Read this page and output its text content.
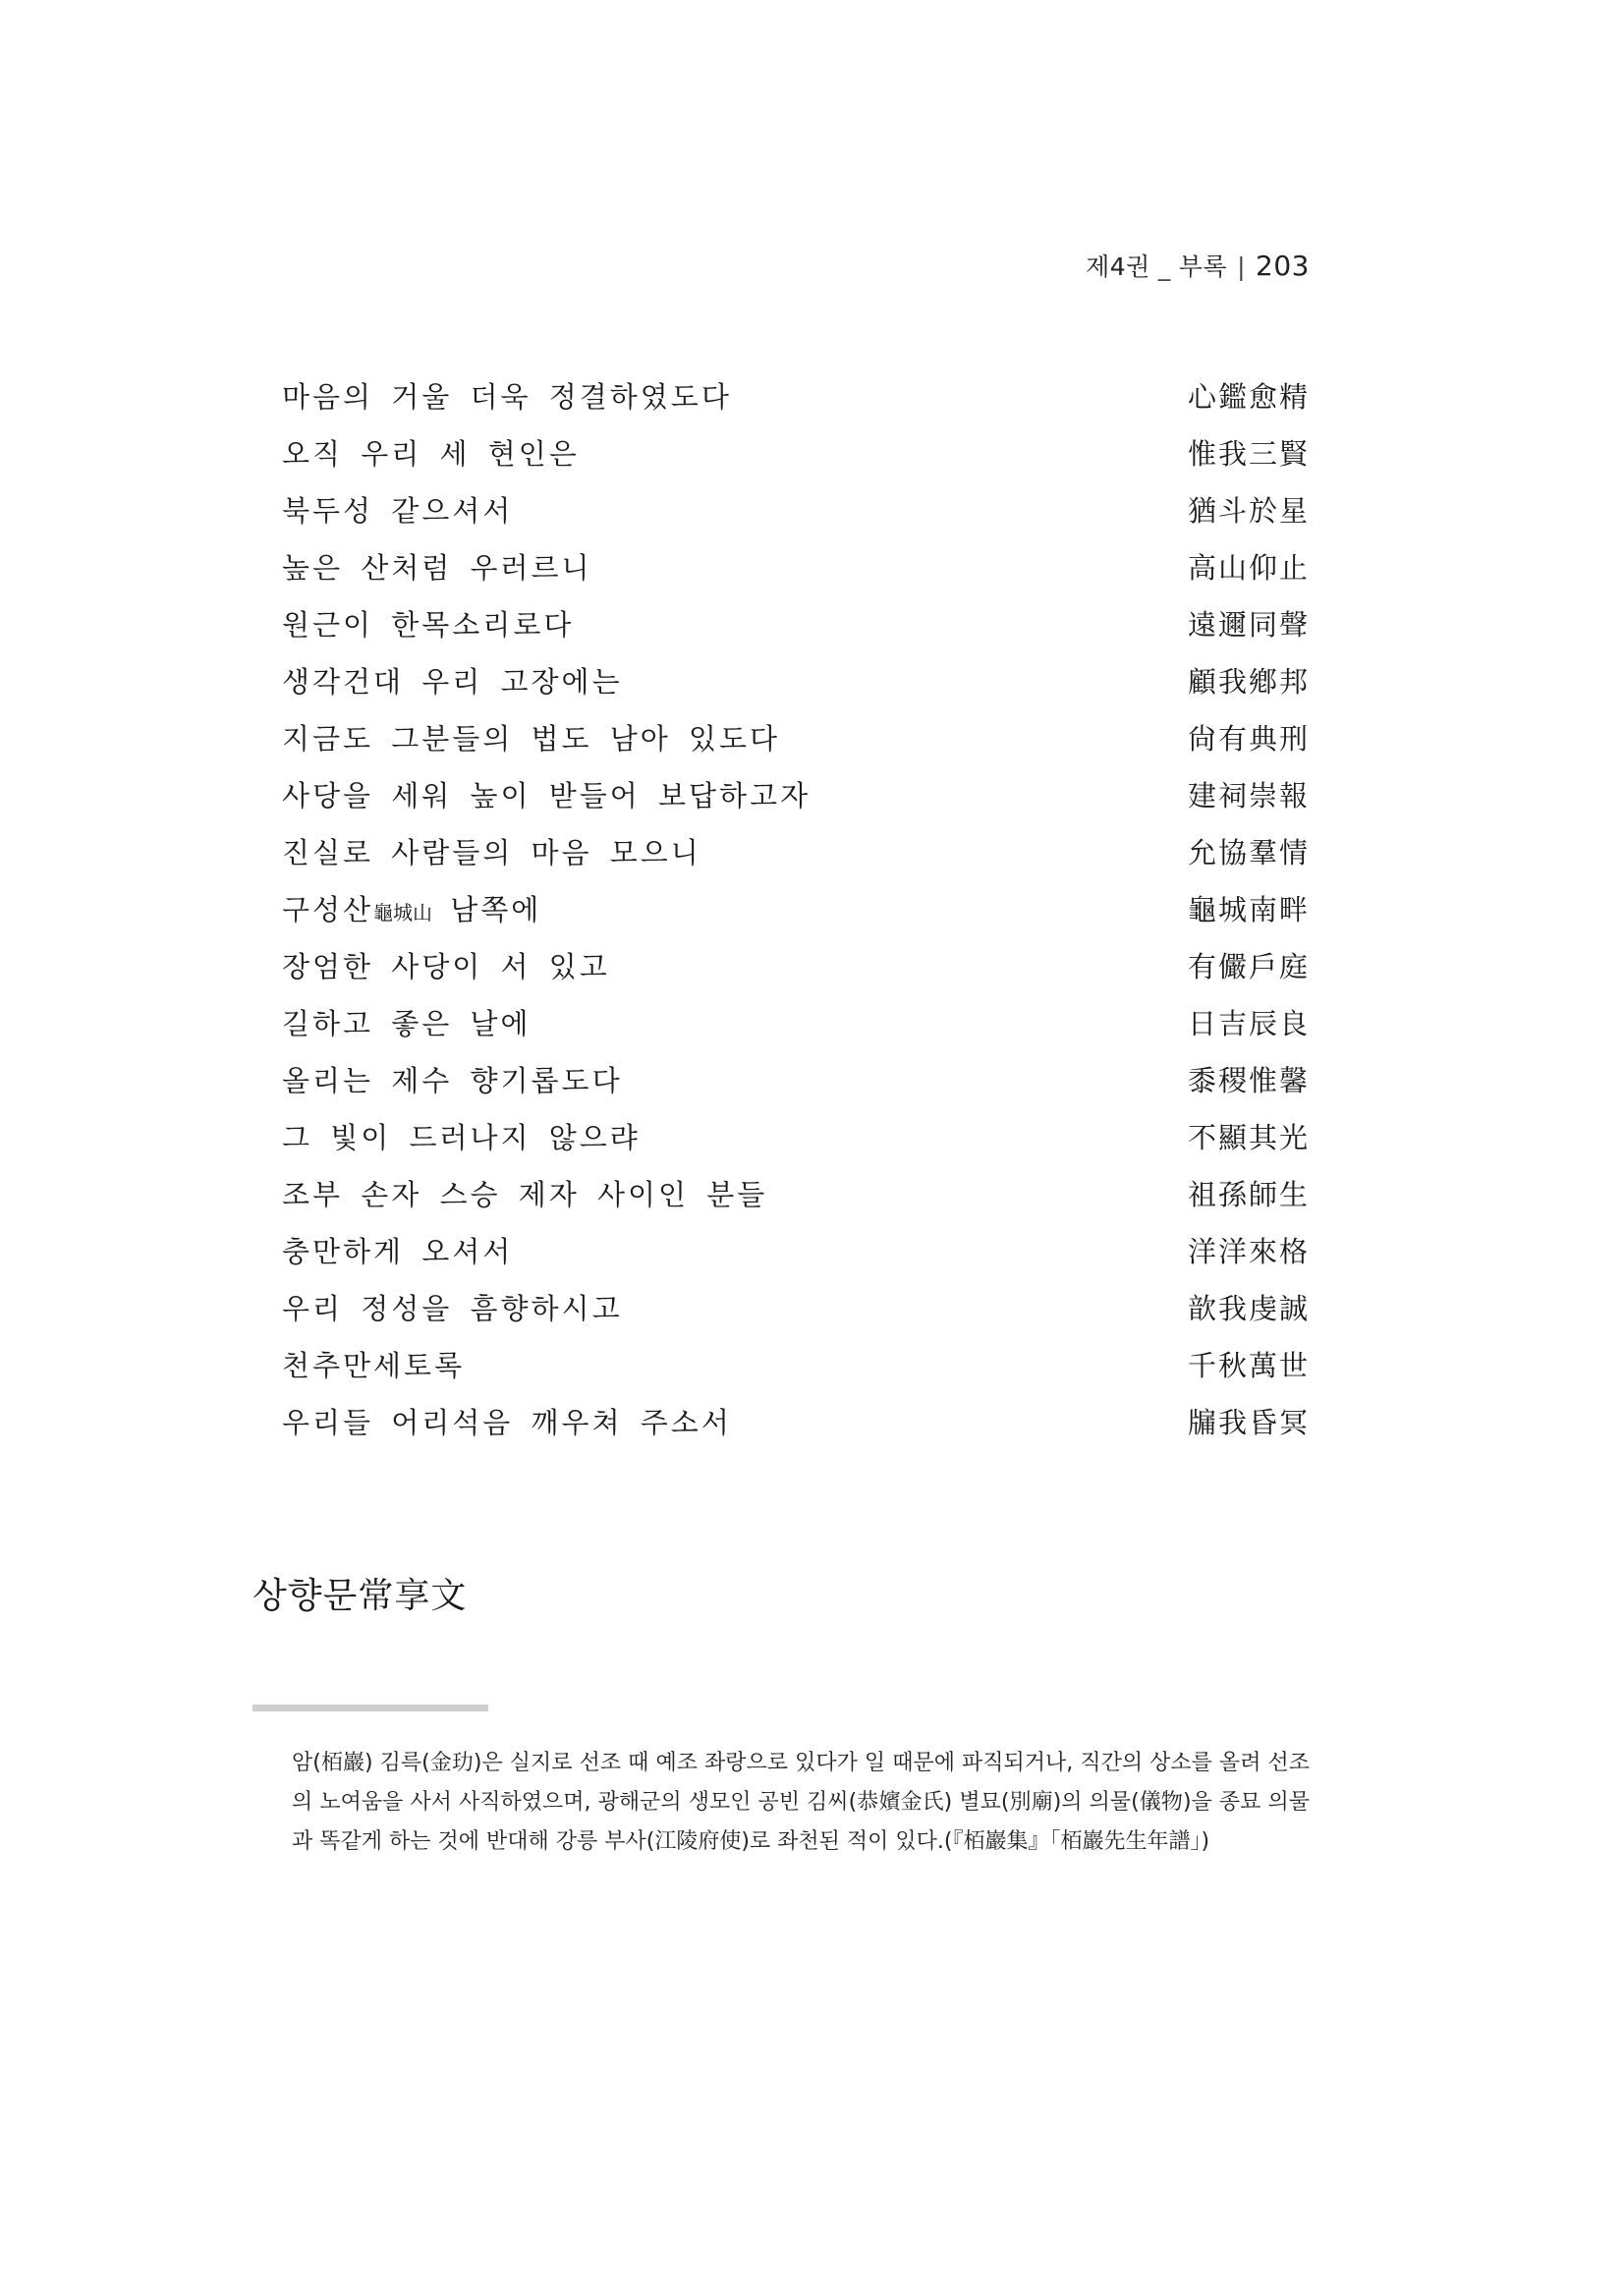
제4권 _ 부록 | 203
마음의 거울 더욱 정결하였도다	心鑑愈精
오직 우리 세 현인은	惟我三賢
북두성 같으셔서	猶斗於星
높은 산처럼 우러르니	高山仰止
원근이 한목소리로다	遠邇同聲
생각건대 우리 고장에는	顧我鄕邦
지금도 그분들의 법도 남아 있도다	尙有典刑
사당을 세워 높이 받들어 보답하고자	建祠崇報
진실로 사람들의 마음 모으니	允協羣情
구성산龜城山 남쪽에	龜城南畔
장엄한 사당이 서 있고	有儼戶庭
길하고 좋은 날에	日吉辰良
올리는 제수 향기롭도다	黍稷惟馨
그 빛이 드러나지 않으랴	不顯其光
조부 손자 스승 제자 사이인 분들	祖孫師生
충만하게 오셔서	洋洋來格
우리 정성을 흠향하시고	歆我虔誠
천추만세토록	千秋萬世
우리들 어리석음 깨우쳐 주소서	牖我昏冥
상향문常享文

암(栢巖) 김륵(金玏)은 실지로 선조 때 예조 좌랑으로 있다가 일 때문에 파직되거나, 직간의 상소를 올려 선조의 노여움을 사서 사직하였으며, 광해군의 생모인 공빈 김씨(恭嬪金氏) 별묘(別廟)의 의물(儀物)을 종묘 의물과 똑같게 하는 것에 반대해 강릉 부사(江陵府使)로 좌천된 적이 있다.(『栢巖集』「栢巖先生年譜」)
